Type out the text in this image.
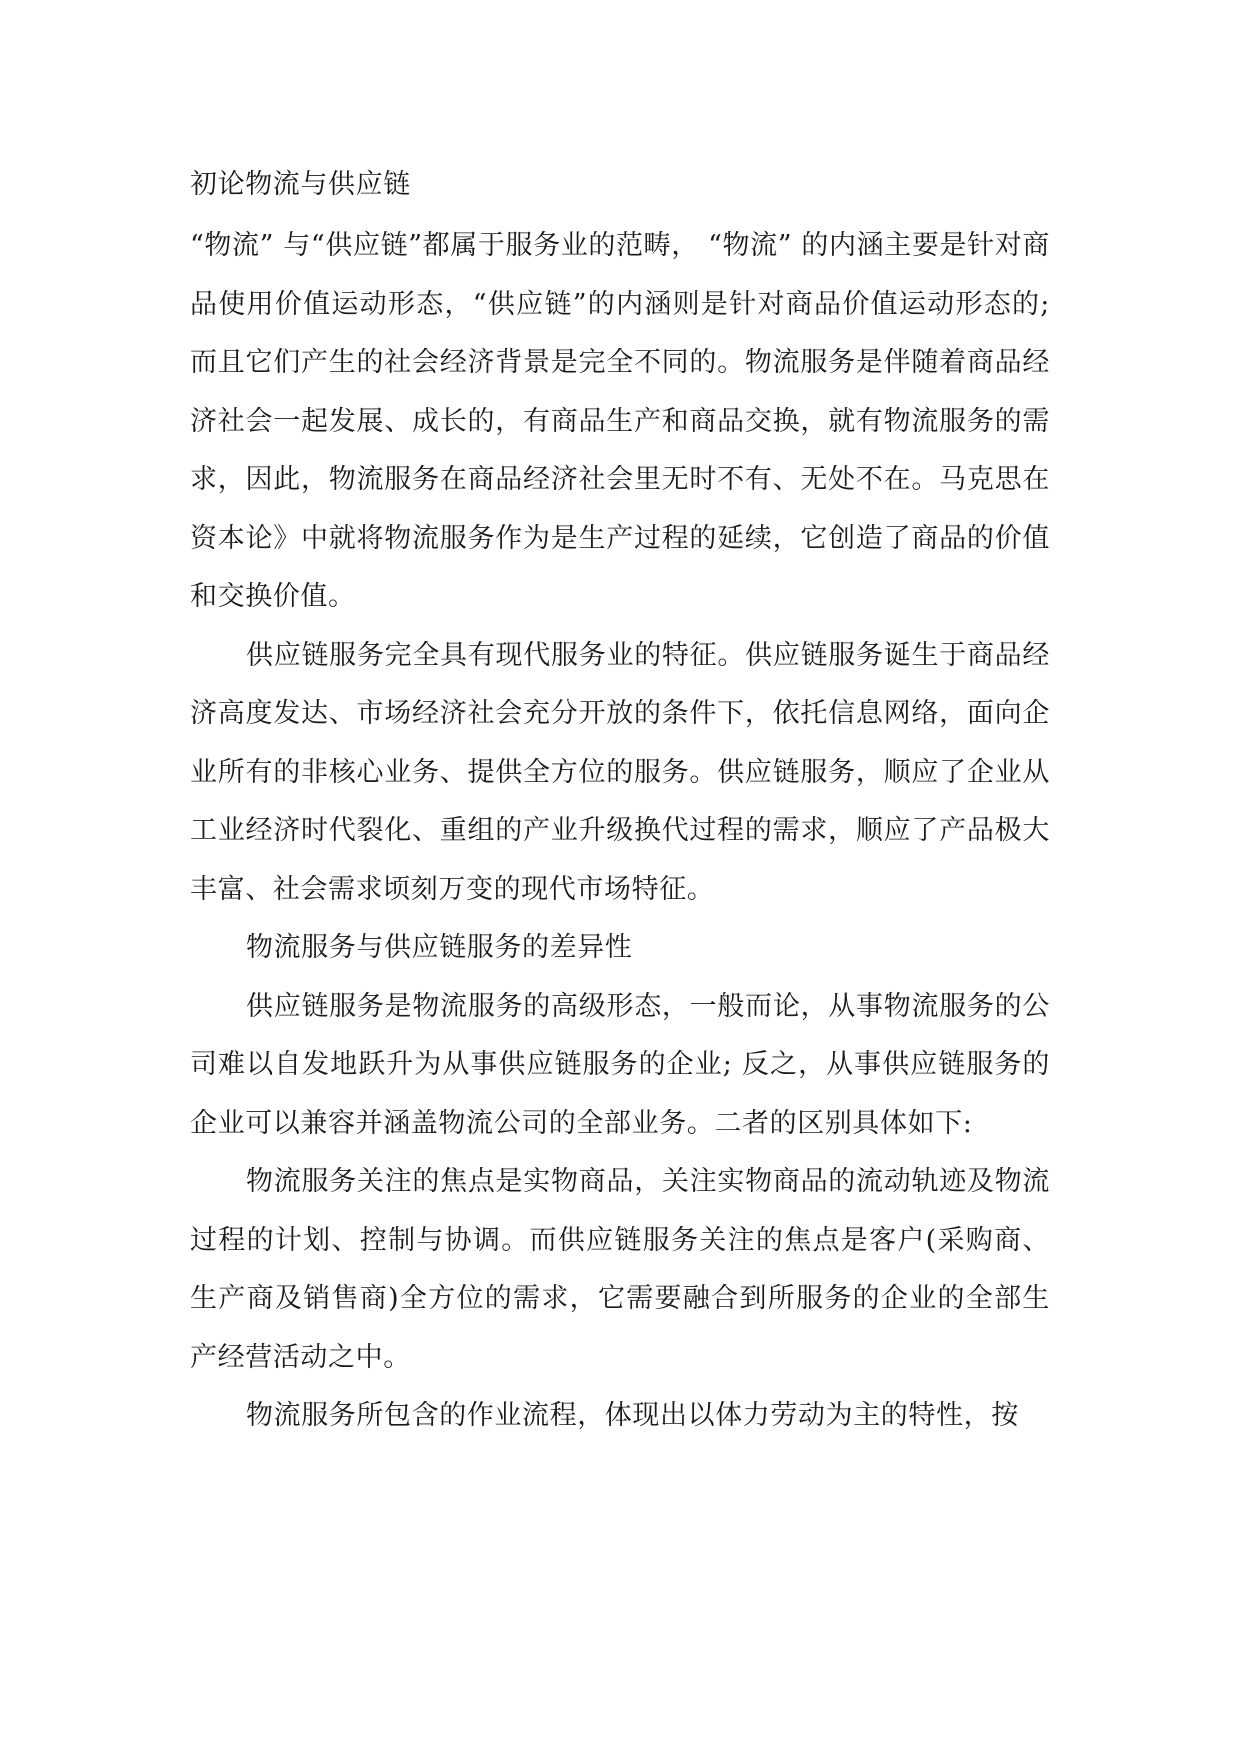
初论物流与供应链

“物流” 与“供应链”都属于服务业的范畴， “物流” 的内涵主要是针对商品使用价值运动形态，“供应链”的内涵则是针对商品价值运动形态的; 而且它们产生的社会经济背景是完全不同的。物流服务是伴随着商品经济社会一起发展、成长的，有商品生产和商品交换，就有物流服务的需求，因此，物流服务在商品经济社会里无时不有、无处不在。马克思在 资本论》中就将物流服务作为是生产过程的延续，它创造了商品的价值和交换价值。

供应链服务完全具有现代服务业的特征。供应链服务诞生于商品经济高度发达、市场经济社会充分开放的条件下，依托信息网络，面向企业所有的非核心业务、提供全方位的服务。供应链服务，顺应了企业从工业经济时代裂化、重组的产业升级换代过程的需求，顺应了产品极大丰富、社会需求顷刻万变的现代市场特征。

物流服务与供应链服务的差异性

供应链服务是物流服务的高级形态，一般而论，从事物流服务的公司难以自发地跃升为从事供应链服务的企业; 反之，从事供应链服务的企业可以兼容并涵盖物流公司的全部业务。二者的区别具体如下:

物流服务关注的焦点是实物商品，关注实物商品的流动轨迹及物流过程的计划、控制与协调。而供应链服务关注的焦点是客户(采购商、生产商及销售商)全方位的需求，它需要融合到所服务的企业的全部生产经营活动之中。

物流服务所包含的作业流程，体现出以体力劳动为主的特性，按
